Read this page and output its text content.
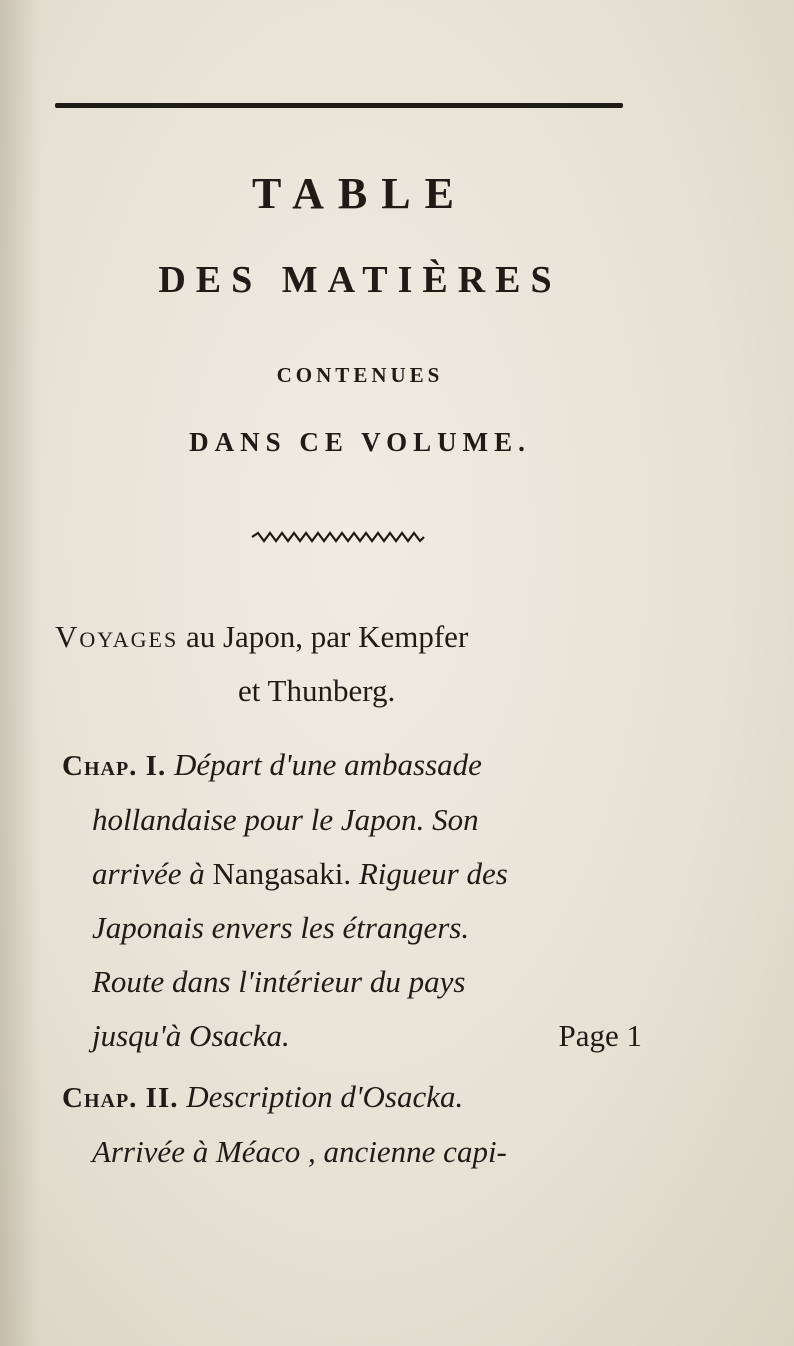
TABLE
DES MATIÈRES
CONTENUES
DANS CE VOLUME.
Voyages au Japon, par Kempfer
et Thunberg.
Chap. I. Départ d'une ambassade
hollandaise pour le Japon. Son
arrivée à Nangasaki. Rigueur des
Japonais envers les étrangers.
Route dans l'intérieur du pays
jusqu'à Osacka.	Page 1
Chap. II. Description d'Osacka.
Arrivée à Méaco , ancienne capi-
